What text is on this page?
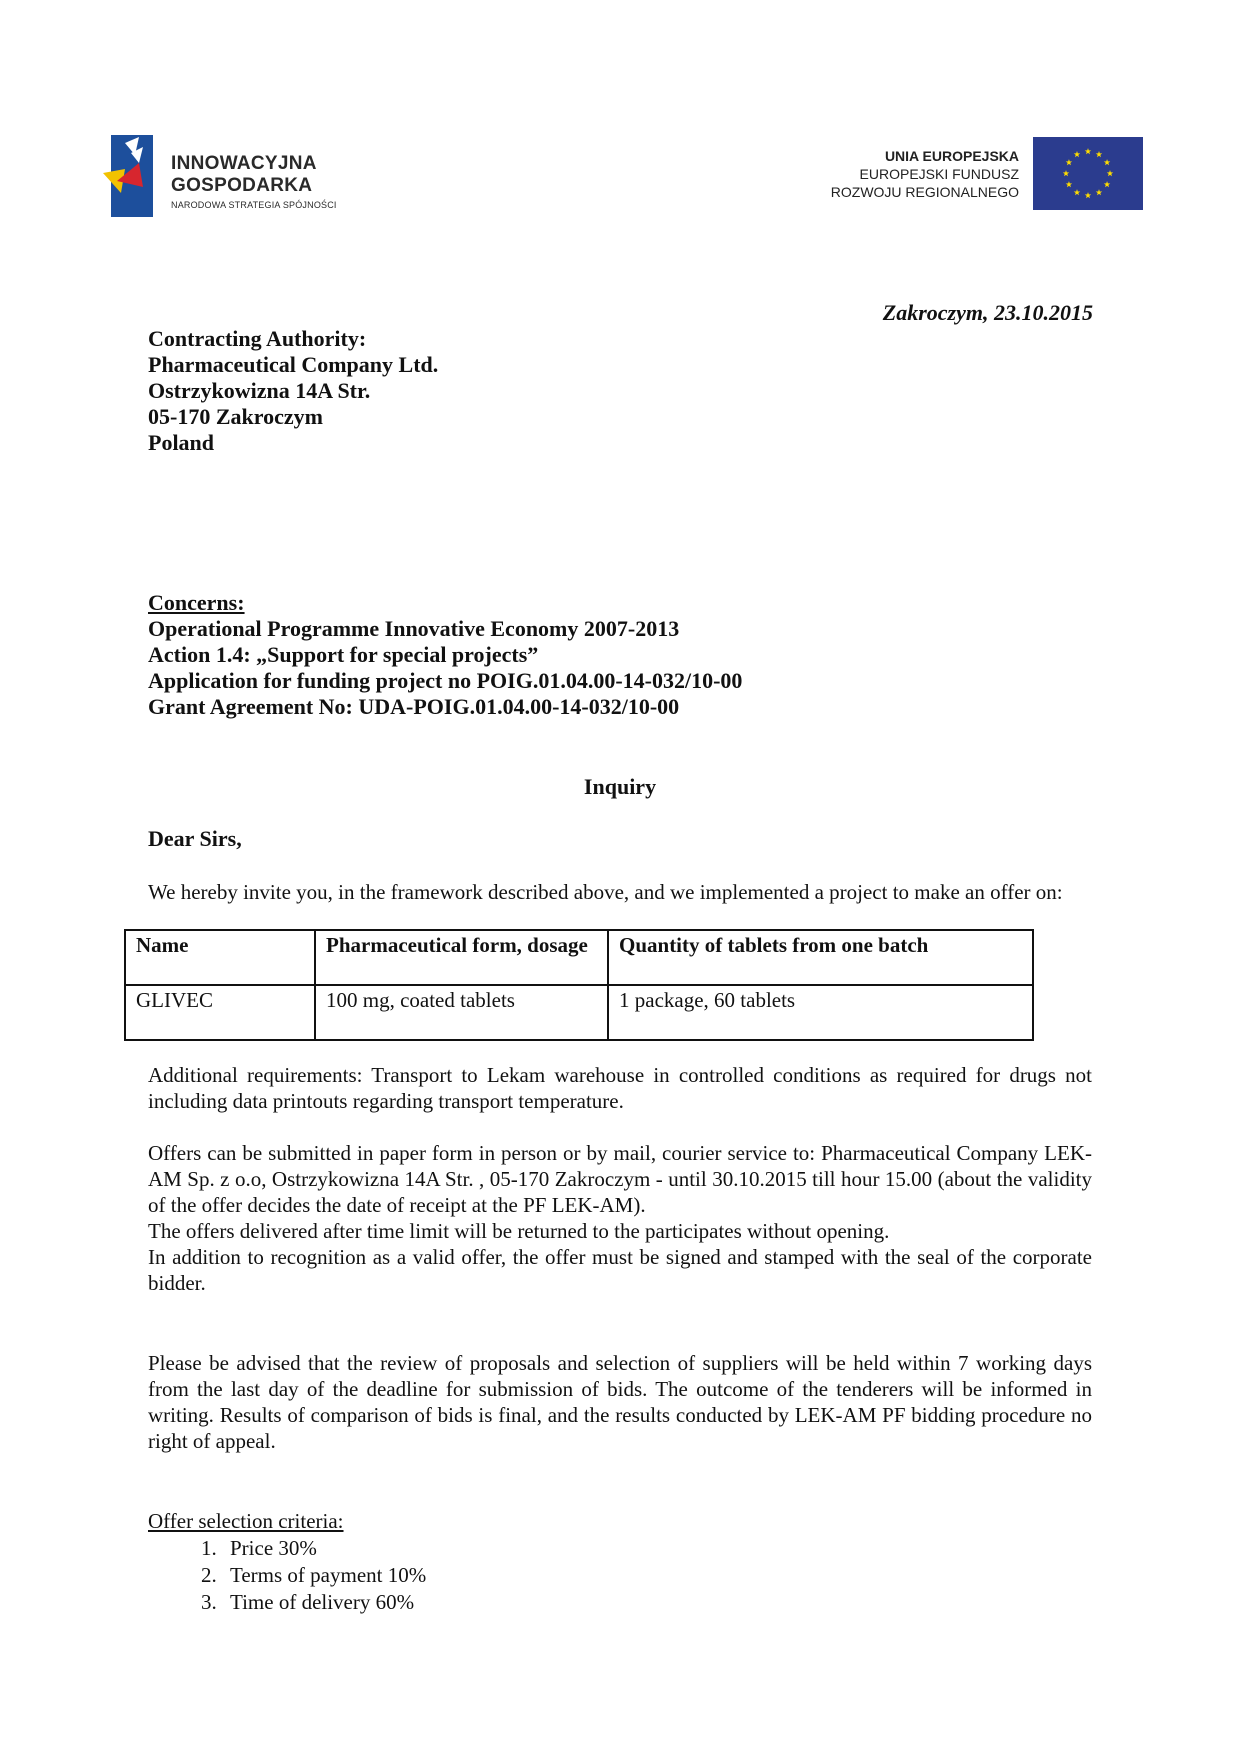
INNOWACYJNA
GOSPODARKA
NARODOWA STRATEGIA SPÓJNOŚCI
UNIA EUROPEJSKA
EUROPEJSKI FUNDUSZ
ROZWOJU REGIONALNEGO
Zakroczym, 23.10.2015
Contracting Authority:
Pharmaceutical Company Ltd.
Ostrzykowizna 14A Str.
05-170 Zakroczym
Poland
Concerns:
Operational Programme Innovative Economy 2007-2013
Action 1.4: „Support for special projects”
Application for funding project no POIG.01.04.00-14-032/10-00
Grant Agreement No: UDA-POIG.01.04.00-14-032/10-00
Inquiry
Dear Sirs,
We hereby invite you, in the framework described above, and we implemented a project to make an offer on:
Name	Pharmaceutical form, dosage	Quantity of tablets from one batch
GLIVEC	100 mg, coated tablets	1 package, 60 tablets
Additional requirements: Transport to Lekam warehouse in controlled conditions as required for drugs not including data printouts regarding transport temperature.
Offers can be submitted in paper form in person or by mail, courier service to: Pharmaceutical Company LEK-AM Sp. z o.o, Ostrzykowizna 14A Str. , 05-170 Zakroczym - until 30.10.2015 till hour 15.00 (about the validity of the offer decides the date of receipt at the PF LEK-AM).
The offers delivered after time limit will be returned to the participates without opening.
In addition to recognition as a valid offer, the offer must be signed and stamped with the seal of the corporate bidder.
Please be advised that the review of proposals and selection of suppliers will be held within 7 working days from the last day of the deadline for submission of bids. The outcome of the tenderers will be informed in writing. Results of comparison of bids is final, and the results conducted by LEK-AM PF bidding procedure no right of appeal.
Offer selection criteria:
1. Price 30%
2. Terms of payment 10%
3. Time of delivery 60%
